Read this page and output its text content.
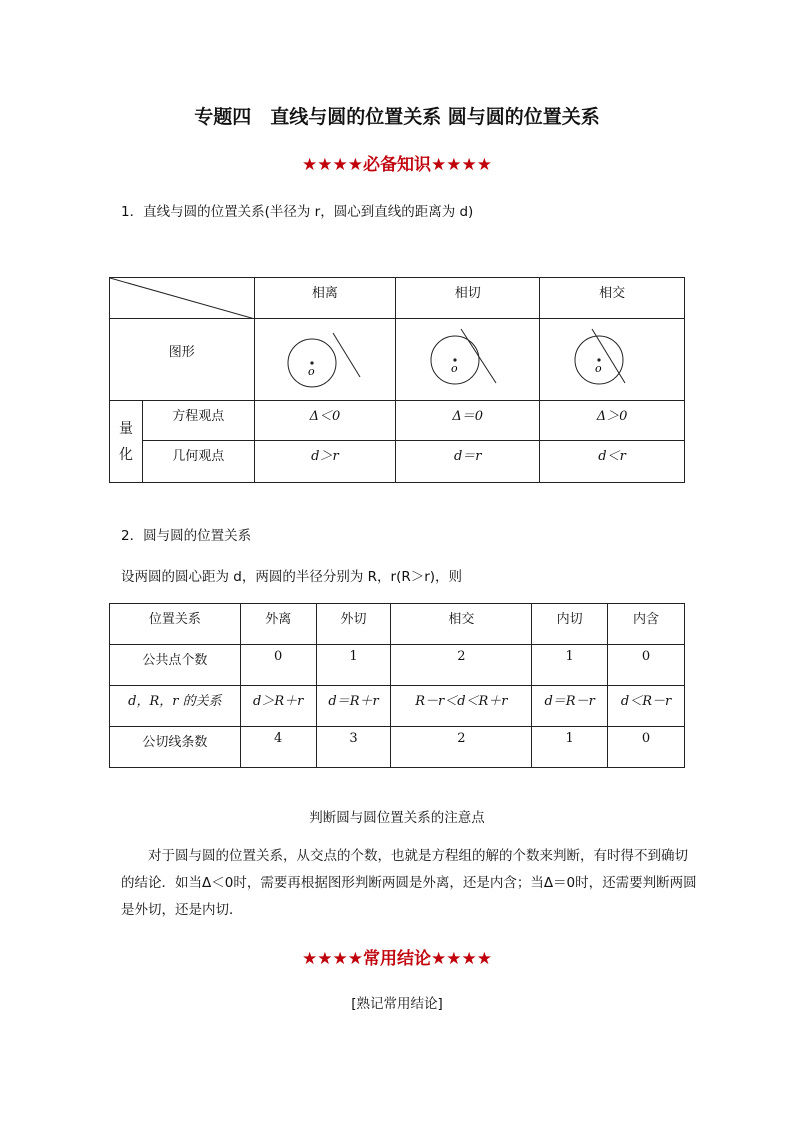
专题四　直线与圆的位置关系 圆与圆的位置关系
★★★★必备知识★★★★
1．直线与圆的位置关系(半径为 r，圆心到直线的距离为 d)
	相离	相切	相交
图形		o	o	o

量
化	方程观点	Δ＜0	Δ＝0	Δ＞0
	几何观点	d＞r	d＝r	d＜r
2．圆与圆的位置关系
设两圆的圆心距为 d，两圆的半径分别为 R，r(R＞r)，则
位置关系	外离	外切	相交	内切	内含
公共点个数	0	1	2	1	0
d，R，r 的关系	d＞R＋r	d＝R＋r	R－r＜d＜R＋r	d＝R－r	d＜R－r
公切线条数	4	3	2	1	0
判断圆与圆位置关系的注意点
对于圆与圆的位置关系，从交点的个数，也就是方程组的解的个数来判断，有时得不到确切的结论．如当Δ＜0时，需要再根据图形判断两圆是外离，还是内含；当Δ＝0时，还需要判断两圆是外切，还是内切．
★★★★常用结论★★★★
[熟记常用结论]
